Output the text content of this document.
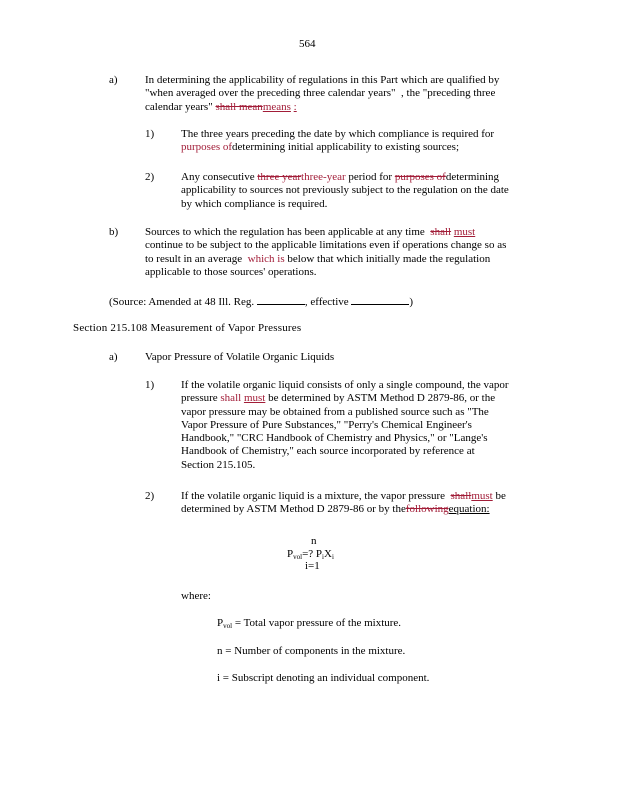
564
a) In determining the applicability of regulations in this Part which are qualified by
"when averaged over the preceding three calendar years" , the "preceding three
calendar years" shall meanmeans :
1) The three years preceding the date by which compliance is required for
purposes ofdetermining initial applicability to existing sources;
2) Any consecutive three yearthree-year period for purposes ofdetermining
applicability to sources not previously subject to the regulation on the date
by which compliance is required.
b) Sources to which the regulation has been applicable at any time shall must
continue to be subject to the applicable limitations even if operations change so as
to result in an average which is below that which initially made the regulation
applicable to those sources' operations.
(Source: Amended at 48 Ill. Reg.	, effective	)
Section 215.108 Measurement of Vapor Pressures
a) Vapor Pressure of Volatile Organic Liquids
1) If the volatile organic liquid consists of only a single compound, the vapor
pressure shall must be determined by ASTM Method D 2879-86, or the
vapor pressure may be obtained from a published source such as "The
Vapor Pressure of Pure Substances," "Perry's Chemical Engineer's
Handbook," "CRC Handbook of Chemistry and Physics," or "Lange's
Handbook of Chemistry," each source incorporated by reference at
Section 215.105.
2) If the volatile organic liquid is a mixture, the vapor pressure shallmust be
determined by ASTM Method D 2879-86 or by thefollowingequation:
n
$P_{vol}=$? $P_iX_i$
i=1
where:
$P_{vol}$ = Total vapor pressure of the mixture.
n = Number of components in the mixture.
i = Subscript denoting an individual component.
